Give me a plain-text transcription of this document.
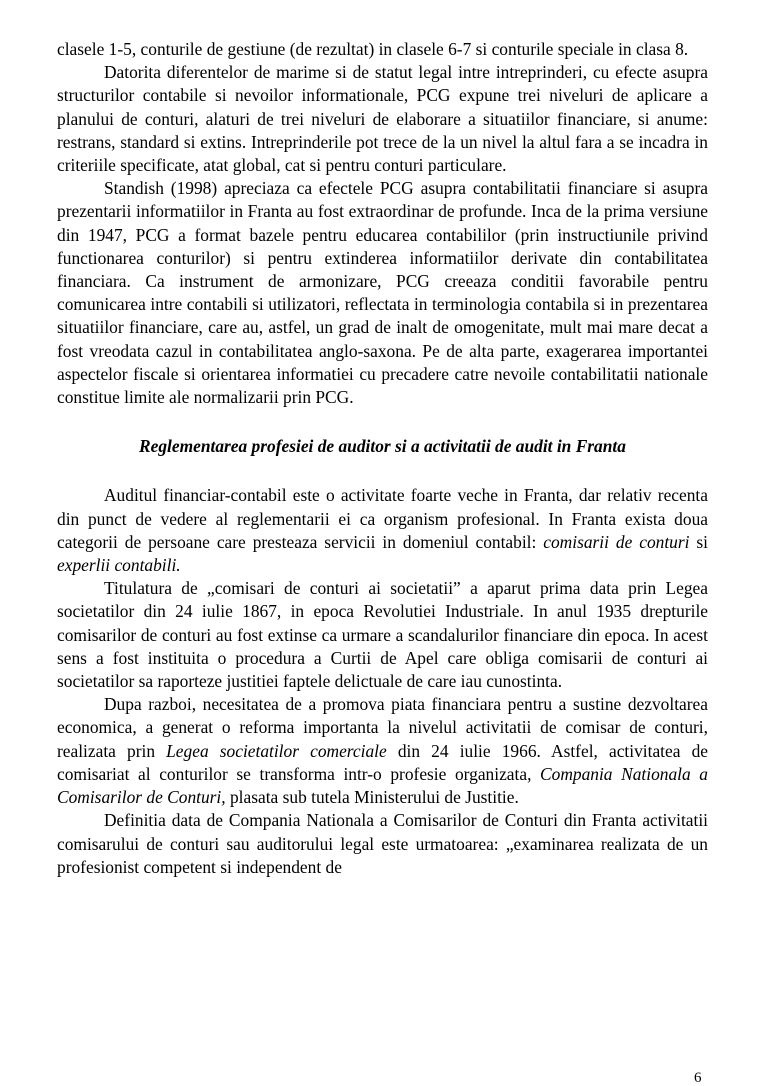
clasele 1-5, conturile de gestiune (de rezultat) in clasele 6-7 si conturile speciale in clasa 8.

Datorita diferentelor de marime si de statut legal intre intreprinderi, cu efecte asupra structurilor contabile si nevoilor informationale, PCG expune trei niveluri de aplicare a planului de conturi, alaturi de trei niveluri de elaborare a situatiilor financiare, si anume: restrans, standard si extins. Intreprinderile pot trece de la un nivel la altul fara a se incadra in criteriile specificate, atat global, cat si pentru conturi particulare.

Standish (1998) apreciaza ca efectele PCG asupra contabilitatii financiare si asupra prezentarii informatiilor in Franta au fost extraordinar de profunde. Inca de la prima versiune din 1947, PCG a format bazele pentru educarea contabililor (prin instructiunile privind functionarea conturilor) si pentru extinderea informatiilor derivate din contabilitatea financiara. Ca instrument de armonizare, PCG creeaza conditii favorabile pentru comunicarea intre contabili si utilizatori, reflectata in terminologia contabila si in prezentarea situatiilor financiare, care au, astfel, un grad de inalt de omogenitate, mult mai mare decat a fost vreodata cazul in contabilitatea anglo-saxona. Pe de alta parte, exagerarea importantei aspectelor fiscale si orientarea informatiei cu precadere catre nevoile contabilitatii nationale constitue limite ale normalizarii prin PCG.

Reglementarea profesiei de auditor si a activitatii de audit in Franta

Auditul financiar-contabil este o activitate foarte veche in Franta, dar relativ recenta din punct de vedere al reglementarii ei ca organism profesional. In Franta exista doua categorii de persoane care presteaza servicii in domeniul contabil: comisarii de conturi si experlii contabili.

Titulatura de „comisari de conturi ai societatii” a aparut prima data prin Legea societatilor din 24 iulie 1867, in epoca Revolutiei Industriale. In anul 1935 drepturile comisarilor de conturi au fost extinse ca urmare a scandalurilor financiare din epoca. In acest sens a fost instituita o procedura a Curtii de Apel care obliga comisarii de conturi ai societatilor sa raporteze justitiei faptele delictuale de care iau cunostinta.

Dupa razboi, necesitatea de a promova piata financiara pentru a sustine dezvoltarea economica, a generat o reforma importanta la nivelul activitatii de comisar de conturi, realizata prin Legea societatilor comerciale din 24 iulie 1966. Astfel, activitatea de comisariat al conturilor se transforma intr-o profesie organizata, Compania Nationala a Comisarilor de Conturi, plasata sub tutela Ministerului de Justitie.

Definitia data de Compania Nationala a Comisarilor de Conturi din Franta activitatii comisarului de conturi sau auditorului legal este urmatoarea: „examinarea realizata de un profesionist competent si independent de

6
